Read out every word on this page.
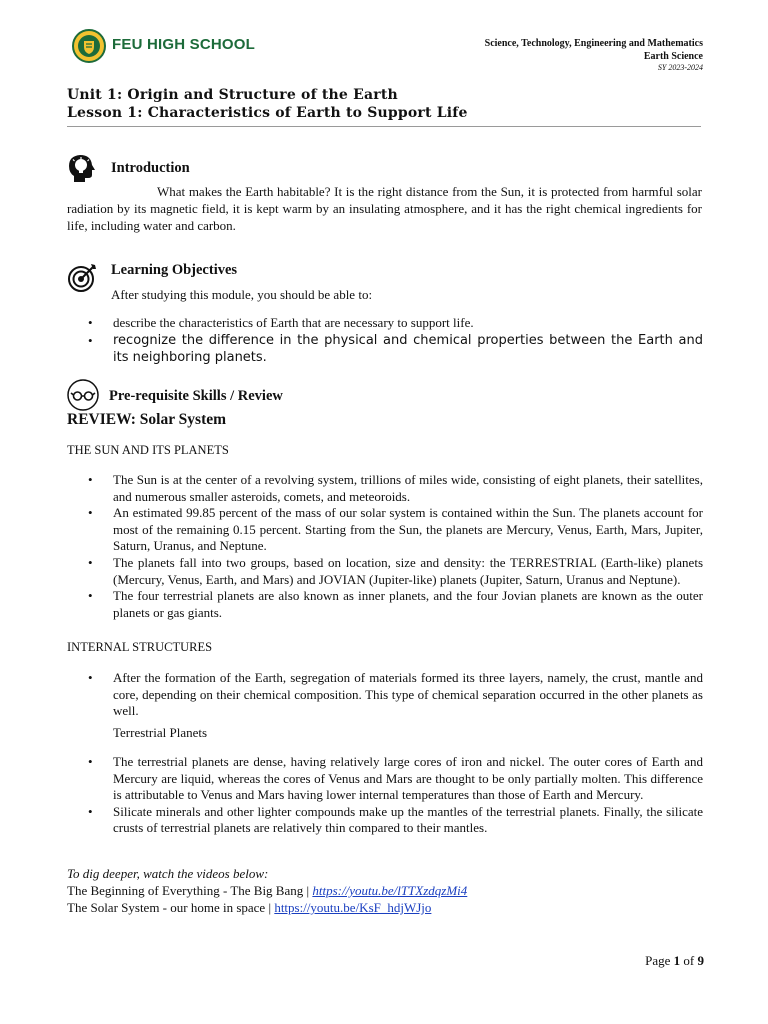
FEU HIGH SCHOOL	Science, Technology, Engineering and Mathematics
Earth Science
SY 2023-2024
Unit 1: Origin and Structure of the Earth
Lesson 1: Characteristics of Earth to Support Life
Introduction
What makes the Earth habitable? It is the right distance from the Sun, it is protected from harmful solar radiation by its magnetic field, it is kept warm by an insulating atmosphere, and it has the right chemical ingredients for life, including water and carbon.
Learning Objectives
After studying this module, you should be able to:
• describe the characteristics of Earth that are necessary to support life.
• recognize the difference in the physical and chemical properties between the Earth and its neighboring planets.
Pre-requisite Skills / Review
REVIEW: Solar System
THE SUN AND ITS PLANETS
• The Sun is at the center of a revolving system, trillions of miles wide, consisting of eight planets, their satellites, and numerous smaller asteroids, comets, and meteoroids.
• An estimated 99.85 percent of the mass of our solar system is contained within the Sun. The planets account for most of the remaining 0.15 percent. Starting from the Sun, the planets are Mercury, Venus, Earth, Mars, Jupiter, Saturn, Uranus, and Neptune.
• The planets fall into two groups, based on location, size and density: the TERRESTRIAL (Earth-like) planets (Mercury, Venus, Earth, and Mars) and JOVIAN (Jupiter-like) planets (Jupiter, Saturn, Uranus and Neptune).
• The four terrestrial planets are also known as inner planets, and the four Jovian planets are known as the outer planets or gas giants.
INTERNAL STRUCTURES
• After the formation of the Earth, segregation of materials formed its three layers, namely, the crust, mantle and core, depending on their chemical composition. This type of chemical separation occurred in the other planets as well.
Terrestrial Planets
• The terrestrial planets are dense, having relatively large cores of iron and nickel. The outer cores of Earth and Mercury are liquid, whereas the cores of Venus and Mars are thought to be only partially molten. This difference is attributable to Venus and Mars having lower internal temperatures than those of Earth and Mercury.
• Silicate minerals and other lighter compounds make up the mantles of the terrestrial planets. Finally, the silicate crusts of terrestrial planets are relatively thin compared to their mantles.
To dig deeper, watch the videos below:
The Beginning of Everything - The Big Bang | https://youtu.be/lTTXzdqzMi4
The Solar System - our home in space | https://youtu.be/KsF_hdjWJjo
Page 1 of 9
